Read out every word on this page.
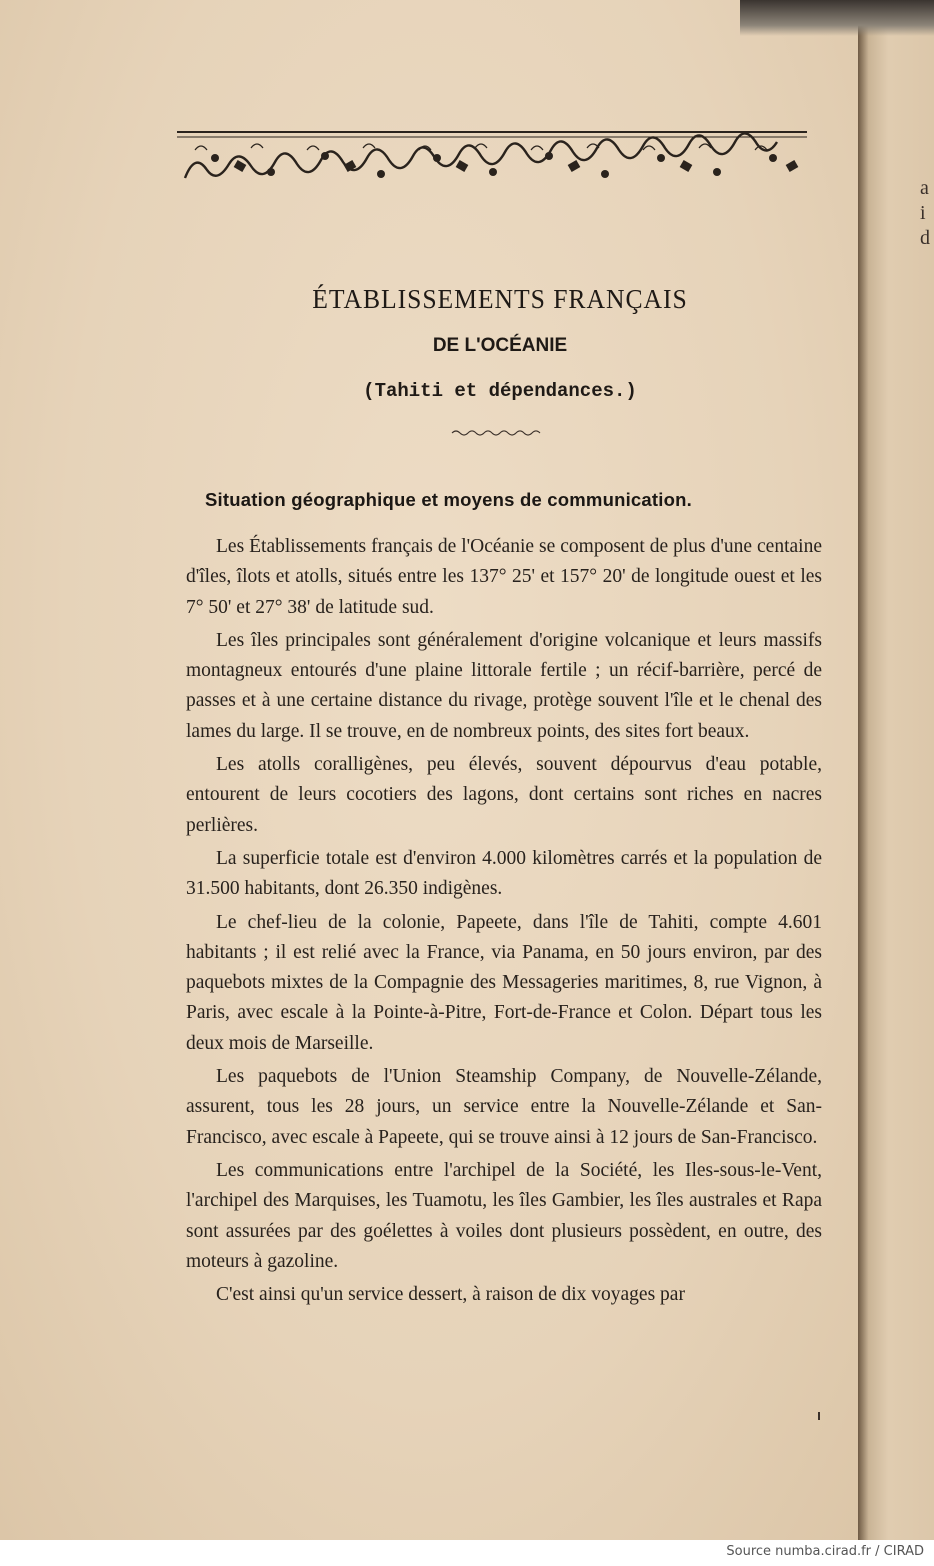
ÉTABLISSEMENTS FRANÇAIS
DE L'OCÉANIE
(Tahiti et dépendances.)
Situation géographique et moyens de communication.

Les Établissements français de l'Océanie se composent de plus d'une centaine d'îles, îlots et atolls, situés entre les 137° 25' et 157° 20' de longitude ouest et les 7° 50' et 27° 38' de latitude sud.

Les îles principales sont généralement d'origine volcanique et leurs massifs montagneux entourés d'une plaine littorale fertile ; un récif-barrière, percé de passes et à une certaine distance du rivage, protège souvent l'île et le chenal des lames du large. Il se trouve, en de nombreux points, des sites fort beaux.

Les atolls coralligènes, peu élevés, souvent dépourvus d'eau potable, entourent de leurs cocotiers des lagons, dont certains sont riches en nacres perlières.

La superficie totale est d'environ 4.000 kilomètres carrés et la population de 31.500 habitants, dont 26.350 indigènes.

Le chef-lieu de la colonie, Papeete, dans l'île de Tahiti, compte 4.601 habitants ; il est relié avec la France, via Panama, en 50 jours environ, par des paquebots mixtes de la Compagnie des Messageries maritimes, 8, rue Vignon, à Paris, avec escale à la Pointe-à-Pitre, Fort-de-France et Colon. Départ tous les deux mois de Marseille.

Les paquebots de l'Union Steamship Company, de Nouvelle-Zélande, assurent, tous les 28 jours, un service entre la Nouvelle-Zélande et San-Francisco, avec escale à Papeete, qui se trouve ainsi à 12 jours de San-Francisco.

Les communications entre l'archipel de la Société, les Iles-sous-le-Vent, l'archipel des Marquises, les Tuamotu, les îles Gambier, les îles australes et Rapa sont assurées par des goélettes à voiles dont plusieurs possèdent, en outre, des moteurs à gazoline.

C'est ainsi qu'un service dessert, à raison de dix voyages par

a
i
d
Source numba.cirad.fr / CIRAD
